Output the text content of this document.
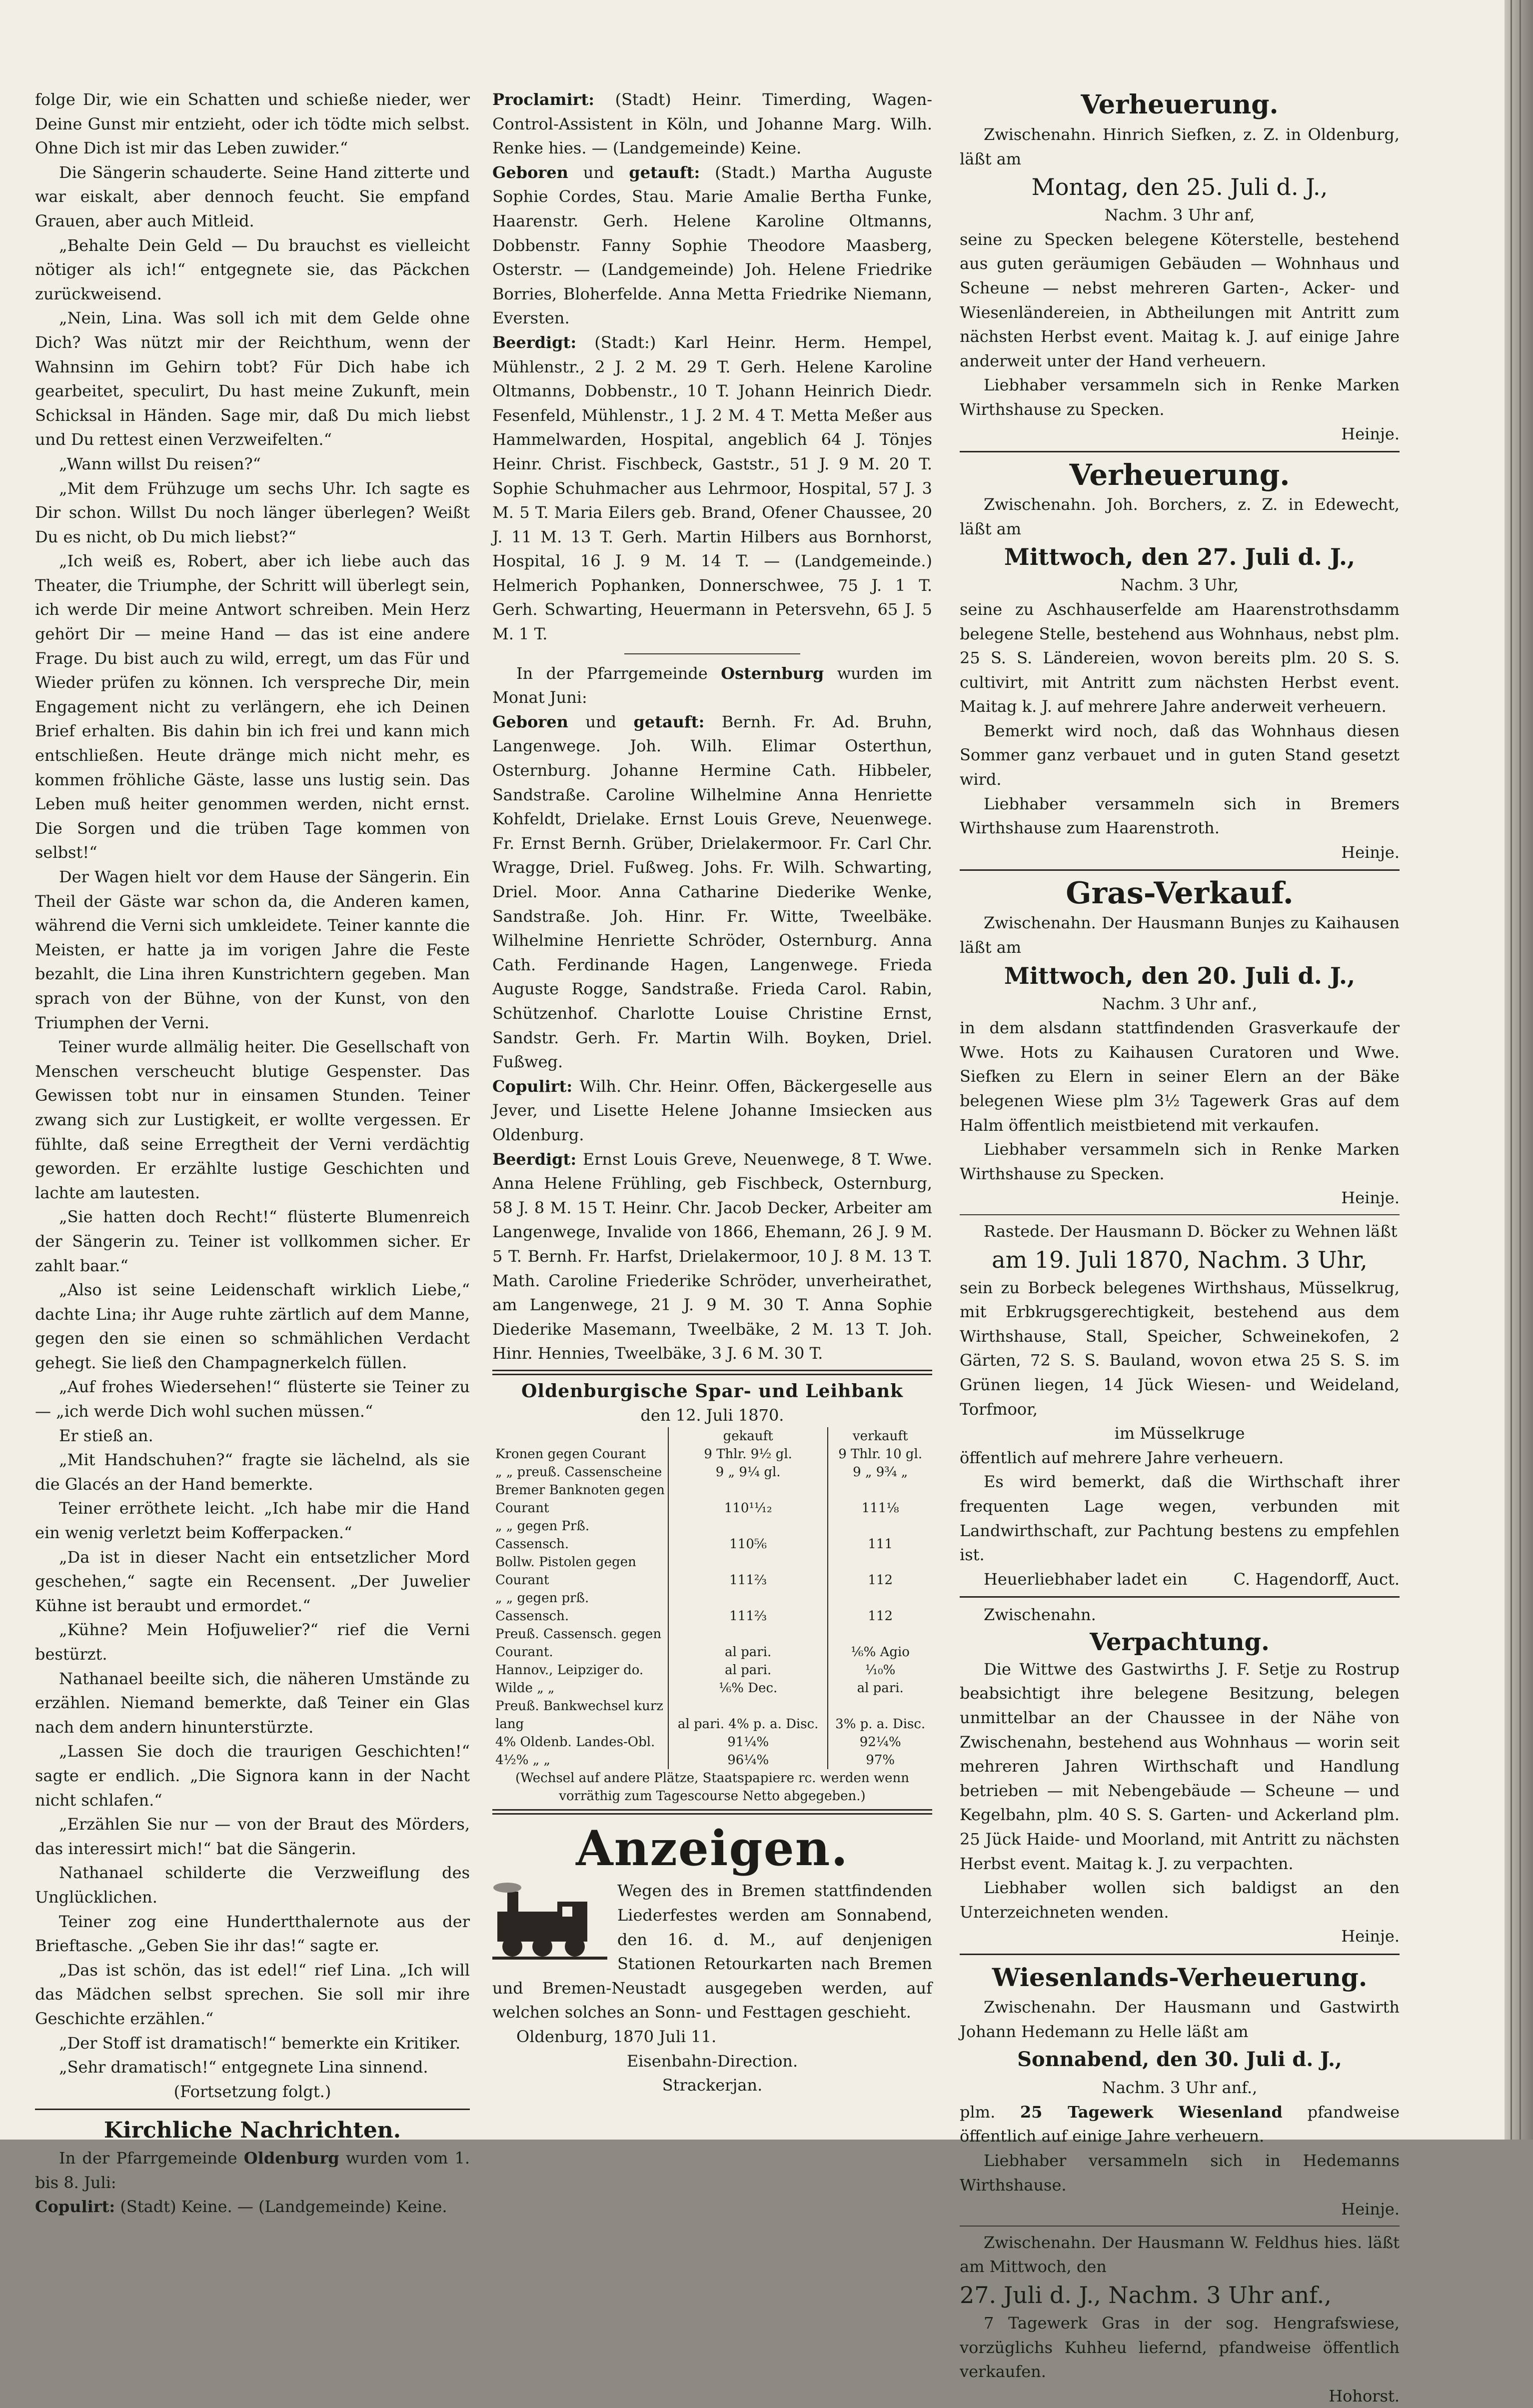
folge Dir, wie ein Schatten und schieße nieder, wer Deine Gunst mir entzieht, oder ich tödte mich selbst. Ohne Dich ist mir das Leben zuwider.“

Die Sängerin schauderte. Seine Hand zitterte und war eiskalt, aber dennoch feucht. Sie empfand Grauen, aber auch Mitleid.

„Behalte Dein Geld — Du brauchst es vielleicht nötiger als ich!“ entgegnete sie, das Päckchen zurückweisend.

„Nein, Lina. Was soll ich mit dem Gelde ohne Dich? Was nützt mir der Reichthum, wenn der Wahnsinn im Gehirn tobt? Für Dich habe ich gearbeitet, speculirt, Du hast meine Zukunft, mein Schicksal in Händen. Sage mir, daß Du mich liebst und Du rettest einen Verzweifelten.“

„Wann willst Du reisen?“

„Mit dem Frühzuge um sechs Uhr. Ich sagte es Dir schon. Willst Du noch länger überlegen? Weißt Du es nicht, ob Du mich liebst?“

„Ich weiß es, Robert, aber ich liebe auch das Theater, die Triumphe, der Schritt will überlegt sein, ich werde Dir meine Antwort schreiben. Mein Herz gehört Dir — meine Hand — das ist eine andere Frage. Du bist auch zu wild, erregt, um das Für und Wieder prüfen zu können. Ich verspreche Dir, mein Engagement nicht zu verlängern, ehe ich Deinen Brief erhalten. Bis dahin bin ich frei und kann mich entschließen. Heute dränge mich nicht mehr, es kommen fröhliche Gäste, lasse uns lustig sein. Das Leben muß heiter genommen werden, nicht ernst. Die Sorgen und die trüben Tage kommen von selbst!“

Der Wagen hielt vor dem Hause der Sängerin. Ein Theil der Gäste war schon da, die Anderen kamen, während die Verni sich umkleidete. Teiner kannte die Meisten, er hatte ja im vorigen Jahre die Feste bezahlt, die Lina ihren Kunstrichtern gegeben. Man sprach von der Bühne, von der Kunst, von den Triumphen der Verni.

Teiner wurde allmälig heiter. Die Gesellschaft von Menschen verscheucht blutige Gespenster. Das Gewissen tobt nur in einsamen Stunden. Teiner zwang sich zur Lustigkeit, er wollte vergessen. Er fühlte, daß seine Erregtheit der Verni verdächtig geworden. Er erzählte lustige Geschichten und lachte am lautesten.

„Sie hatten doch Recht!“ flüsterte Blumenreich der Sängerin zu. Teiner ist vollkommen sicher. Er zahlt baar.“

„Also ist seine Leidenschaft wirklich Liebe,“ dachte Lina; ihr Auge ruhte zärtlich auf dem Manne, gegen den sie einen so schmählichen Verdacht gehegt. Sie ließ den Champagnerkelch füllen.

„Auf frohes Wiedersehen!“ flüsterte sie Teiner zu — „ich werde Dich wohl suchen müssen.“

Er stieß an.

„Mit Handschuhen?“ fragte sie lächelnd, als sie die Glacés an der Hand bemerkte.

Teiner erröthete leicht. „Ich habe mir die Hand ein wenig verletzt beim Kofferpacken.“

„Da ist in dieser Nacht ein entsetzlicher Mord geschehen,“ sagte ein Recensent. „Der Juwelier Kühne ist beraubt und ermordet.“

„Kühne? Mein Hofjuwelier?“ rief die Verni bestürzt.

Nathanael beeilte sich, die näheren Umstände zu erzählen. Niemand bemerkte, daß Teiner ein Glas nach dem andern hinunterstürzte.

„Lassen Sie doch die traurigen Geschichten!“ sagte er endlich. „Die Signora kann in der Nacht nicht schlafen.“

„Erzählen Sie nur — von der Braut des Mörders, das interessirt mich!“ bat die Sängerin.

Nathanael schilderte die Verzweiflung des Unglücklichen.

Teiner zog eine Hundertthalernote aus der Brieftasche. „Geben Sie ihr das!“ sagte er.

„Das ist schön, das ist edel!“ rief Lina. „Ich will das Mädchen selbst sprechen. Sie soll mir ihre Geschichte erzählen.“

„Der Stoff ist dramatisch!“ bemerkte ein Kritiker.

„Sehr dramatisch!“ entgegnete Lina sinnend.

(Fortsetzung folgt.)

Kirchliche Nachrichten.

In der Pfarrgemeinde Oldenburg wurden vom 1. bis 8. Juli:

Copulirt: (Stadt) Keine. — (Landgemeinde) Keine.

Proclamirt: (Stadt) Heinr. Timerding, Wagen-Control-Assistent in Köln, und Johanne Marg. Wilh. Renke hies. — (Landgemeinde) Keine.

Geboren und getauft: (Stadt.) Martha Auguste Sophie Cordes, Stau. Marie Amalie Bertha Funke, Haarenstr. Gerh. Helene Karoline Oltmanns, Dobbenstr. Fanny Sophie Theodore Maasberg, Osterstr. — (Landgemeinde) Joh. Helene Friedrike Borries, Bloherfelde. Anna Metta Friedrike Niemann, Eversten.

Beerdigt: (Stadt:) Karl Heinr. Herm. Hempel, Mühlenstr., 2 J. 2 M. 29 T. Gerh. Helene Karoline Oltmanns, Dobbenstr., 10 T. Johann Heinrich Diedr. Fesenfeld, Mühlenstr., 1 J. 2 M. 4 T. Metta Meßer aus Hammelwarden, Hospital, angeblich 64 J. Tönjes Heinr. Christ. Fischbeck, Gaststr., 51 J. 9 M. 20 T. Sophie Schuhmacher aus Lehrmoor, Hospital, 57 J. 3 M. 5 T. Maria Eilers geb. Brand, Ofener Chaussee, 20 J. 11 M. 13 T. Gerh. Martin Hilbers aus Bornhorst, Hospital, 16 J. 9 M. 14 T. — (Landgemeinde.) Helmerich Pophanken, Donnerschwee, 75 J. 1 T. Gerh. Schwarting, Heuermann in Petersvehn, 65 J. 5 M. 1 T.

In der Pfarrgemeinde Osternburg wurden im Monat Juni:

Geboren und getauft: Bernh. Fr. Ad. Bruhn, Langenwege. Joh. Wilh. Elimar Osterthun, Osternburg. Johanne Hermine Cath. Hibbeler, Sandstraße. Caroline Wilhelmine Anna Henriette Kohfeldt, Drielake. Ernst Louis Greve, Neuenwege. Fr. Ernst Bernh. Grüber, Drielakermoor. Fr. Carl Chr. Wragge, Driel. Fußweg. Johs. Fr. Wilh. Schwarting, Driel. Moor. Anna Catharine Diederike Wenke, Sandstraße. Joh. Hinr. Fr. Witte, Tweelbäke. Wilhelmine Henriette Schröder, Osternburg. Anna Cath. Ferdinande Hagen, Langenwege. Frieda Auguste Rogge, Sandstraße. Frieda Carol. Rabin, Schützenhof. Charlotte Louise Christine Ernst, Sandstr. Gerh. Fr. Martin Wilh. Boyken, Driel. Fußweg.

Copulirt: Wilh. Chr. Heinr. Offen, Bäckergeselle aus Jever, und Lisette Helene Johanne Imsiecken aus Oldenburg.

Beerdigt: Ernst Louis Greve, Neuenwege, 8 T. Wwe. Anna Helene Frühling, geb Fischbeck, Osternburg, 58 J. 8 M. 15 T. Heinr. Chr. Jacob Decker, Arbeiter am Langenwege, Invalide von 1866, Ehemann, 26 J. 9 M. 5 T. Bernh. Fr. Harfst, Drielakermoor, 10 J. 8 M. 13 T. Math. Caroline Friederike Schröder, unverheirathet, am Langenwege, 21 J. 9 M. 30 T. Anna Sophie Diederike Masemann, Tweelbäke, 2 M. 13 T. Joh. Hinr. Hennies, Tweelbäke, 3 J. 6 M. 30 T.

Oldenburgische Spar- und Leihbank
den 12. Juli 1870.
	gekauft	verkauft
Kronen gegen Courant	9 Thlr. 9½ gl.	9 Thlr. 10 gl.
„ „ preuß. Cassenscheine	9 „ 9¼ gl.	9 „ 9¾ „
Bremer Banknoten gegen Courant	110¹¹⁄₁₂	111⅛
„ „ gegen Prß. Cassensch.	110⅚	111
Bollw. Pistolen gegen Courant	111⅔	112
„ „ gegen prß. Cassensch.	111⅔	112
Preuß. Cassensch. gegen Courant.	al pari.	¹⁄₆% Agio
Hannov., Leipziger do.	al pari.	¹⁄₁₀%
Wilde „ „	¹⁄₆% Dec.	al pari.
Preuß. Bankwechsel kurz lang	al pari. 4% p. a. Disc.	3% p. a. Disc.
4% Oldenb. Landes-Obl.	91¼%	92¼%
4½% „ „	96¼%	97%

(Wechsel auf andere Plätze, Staatspapiere rc. werden wenn vorräthig zum Tagescourse Netto abgegeben.)

Anzeigen.

Wegen des in Bremen stattfindenden Liederfestes werden am Sonnabend, den 16. d. M., auf denjenigen Stationen Retourkarten nach Bremen und Bremen-Neustadt ausgegeben werden, auf welchen solches an Sonn- und Festtagen geschieht.

Oldenburg, 1870 Juli 11.

Eisenbahn-Direction.

Strackerjan.

Verheuerung.

Zwischenahn. Hinrich Siefken, z. Z. in Oldenburg, läßt am

Montag, den 25. Juli d. J.,

Nachm. 3 Uhr anf,

seine zu Specken belegene Köterstelle, bestehend aus guten geräumigen Gebäuden — Wohnhaus und Scheune — nebst mehreren Garten-, Acker- und Wiesenländereien, in Abtheilungen mit Antritt zum nächsten Herbst event. Maitag k. J. auf einige Jahre anderweit unter der Hand verheuern.

Liebhaber versammeln sich in Renke Marken Wirthshause zu Specken.

Heinje.

Verheuerung.

Zwischenahn. Joh. Borchers, z. Z. in Edewecht, läßt am

Mittwoch, den 27. Juli d. J.,

Nachm. 3 Uhr,

seine zu Aschhauserfelde am Haarenstrothsdamm belegene Stelle, bestehend aus Wohnhaus, nebst plm. 25 S. S. Ländereien, wovon bereits plm. 20 S. S. cultivirt, mit Antritt zum nächsten Herbst event. Maitag k. J. auf mehrere Jahre anderweit verheuern.

Bemerkt wird noch, daß das Wohnhaus diesen Sommer ganz verbauet und in guten Stand gesetzt wird.

Liebhaber versammeln sich in Bremers Wirthshause zum Haarenstroth.

Heinje.

Gras-Verkauf.

Zwischenahn. Der Hausmann Bunjes zu Kaihausen läßt am

Mittwoch, den 20. Juli d. J.,

Nachm. 3 Uhr anf.,

in dem alsdann stattfindenden Grasverkaufe der Wwe. Hots zu Kaihausen Curatoren und Wwe. Siefken zu Elern in seiner Elern an der Bäke belegenen Wiese plm 3½ Tagewerk Gras auf dem Halm öffentlich meistbietend mit verkaufen.

Liebhaber versammeln sich in Renke Marken Wirthshause zu Specken.

Heinje.

Rastede. Der Hausmann D. Böcker zu Wehnen läßt

am 19. Juli 1870, Nachm. 3 Uhr,

sein zu Borbeck belegenes Wirthshaus, Müsselkrug, mit Erbkrugsgerechtigkeit, bestehend aus dem Wirthshause, Stall, Speicher, Schweinekofen, 2 Gärten, 72 S. S. Bauland, wovon etwa 25 S. S. im Grünen liegen, 14 Jück Wiesen- und Weideland, Torfmoor,

im Müsselkruge

öffentlich auf mehrere Jahre verheuern.

Es wird bemerkt, daß die Wirthschaft ihrer frequenten Lage wegen, verbunden mit Landwirthschaft, zur Pachtung bestens zu empfehlen ist.

Heuerliebhaber ladet ein	C. Hagendorff, Auct.

Zwischenahn.

Verpachtung.

Die Wittwe des Gastwirths J. F. Setje zu Rostrup beabsichtigt ihre belegene Besitzung, belegen unmittelbar an der Chaussee in der Nähe von Zwischenahn, bestehend aus Wohnhaus — worin seit mehreren Jahren Wirthschaft und Handlung betrieben — mit Nebengebäude — Scheune — und Kegelbahn, plm. 40 S. S. Garten- und Ackerland plm. 25 Jück Haide- und Moorland, mit Antritt zu nächsten Herbst event. Maitag k. J. zu verpachten.

Liebhaber wollen sich baldigst an den Unterzeichneten wenden.

Heinje.

Wiesenlands-Verheuerung.

Zwischenahn. Der Hausmann und Gastwirth Johann Hedemann zu Helle läßt am

Sonnabend, den 30. Juli d. J.,

Nachm. 3 Uhr anf.,

plm. 25 Tagewerk Wiesenland pfandweise öffentlich auf einige Jahre verheuern.

Liebhaber versammeln sich in Hedemanns Wirthshause.

Heinje.

Zwischenahn. Der Hausmann W. Feldhus hies. läßt am Mittwoch, den

27. Juli d. J., Nachm. 3 Uhr anf.,

7 Tagewerk Gras in der sog. Hengrafswiese, vorzüglichs Kuhheu liefernd, pfandweise öffentlich verkaufen.

Hohorst.
